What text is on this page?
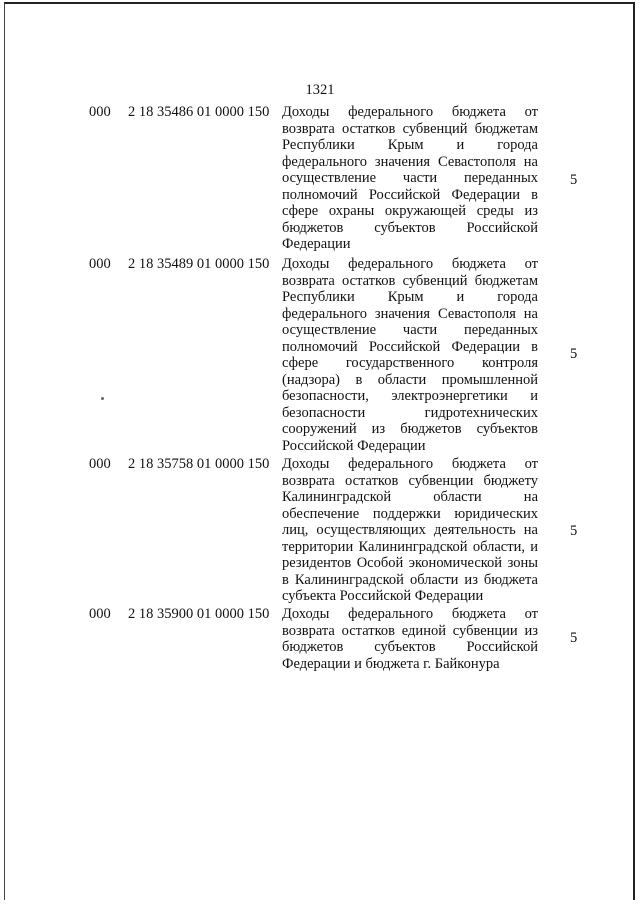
1321
000 2 18 35486 01 0000 150 Доходы федерального бюджета от возврата остатков субвенций бюджетам Республики Крым и города федерального значения Севастополя на осуществление части переданных полномочий Российской Федерации в сфере охраны окружающей среды из бюджетов субъектов Российской Федерации
5
000 2 18 35489 01 0000 150 Доходы федерального бюджета от возврата остатков субвенций бюджетам Республики Крым и города федерального значения Севастополя на осуществление части переданных полномочий Российской Федерации в сфере государственного контроля (надзора) в области промышленной безопасности, электроэнергетики и безопасности гидротехнических сооружений из бюджетов субъектов Российской Федерации
5
000 2 18 35758 01 0000 150 Доходы федерального бюджета от возврата остатков субвенции бюджету Калининградской области на обеспечение поддержки юридических лиц, осуществляющих деятельность на территории Калининградской области, и резидентов Особой экономической зоны в Калининградской области из бюджета субъекта Российской Федерации
5
000 2 18 35900 01 0000 150 Доходы федерального бюджета от возврата остатков единой субвенции из бюджетов субъектов Российской Федерации и бюджета г. Байконура
5
